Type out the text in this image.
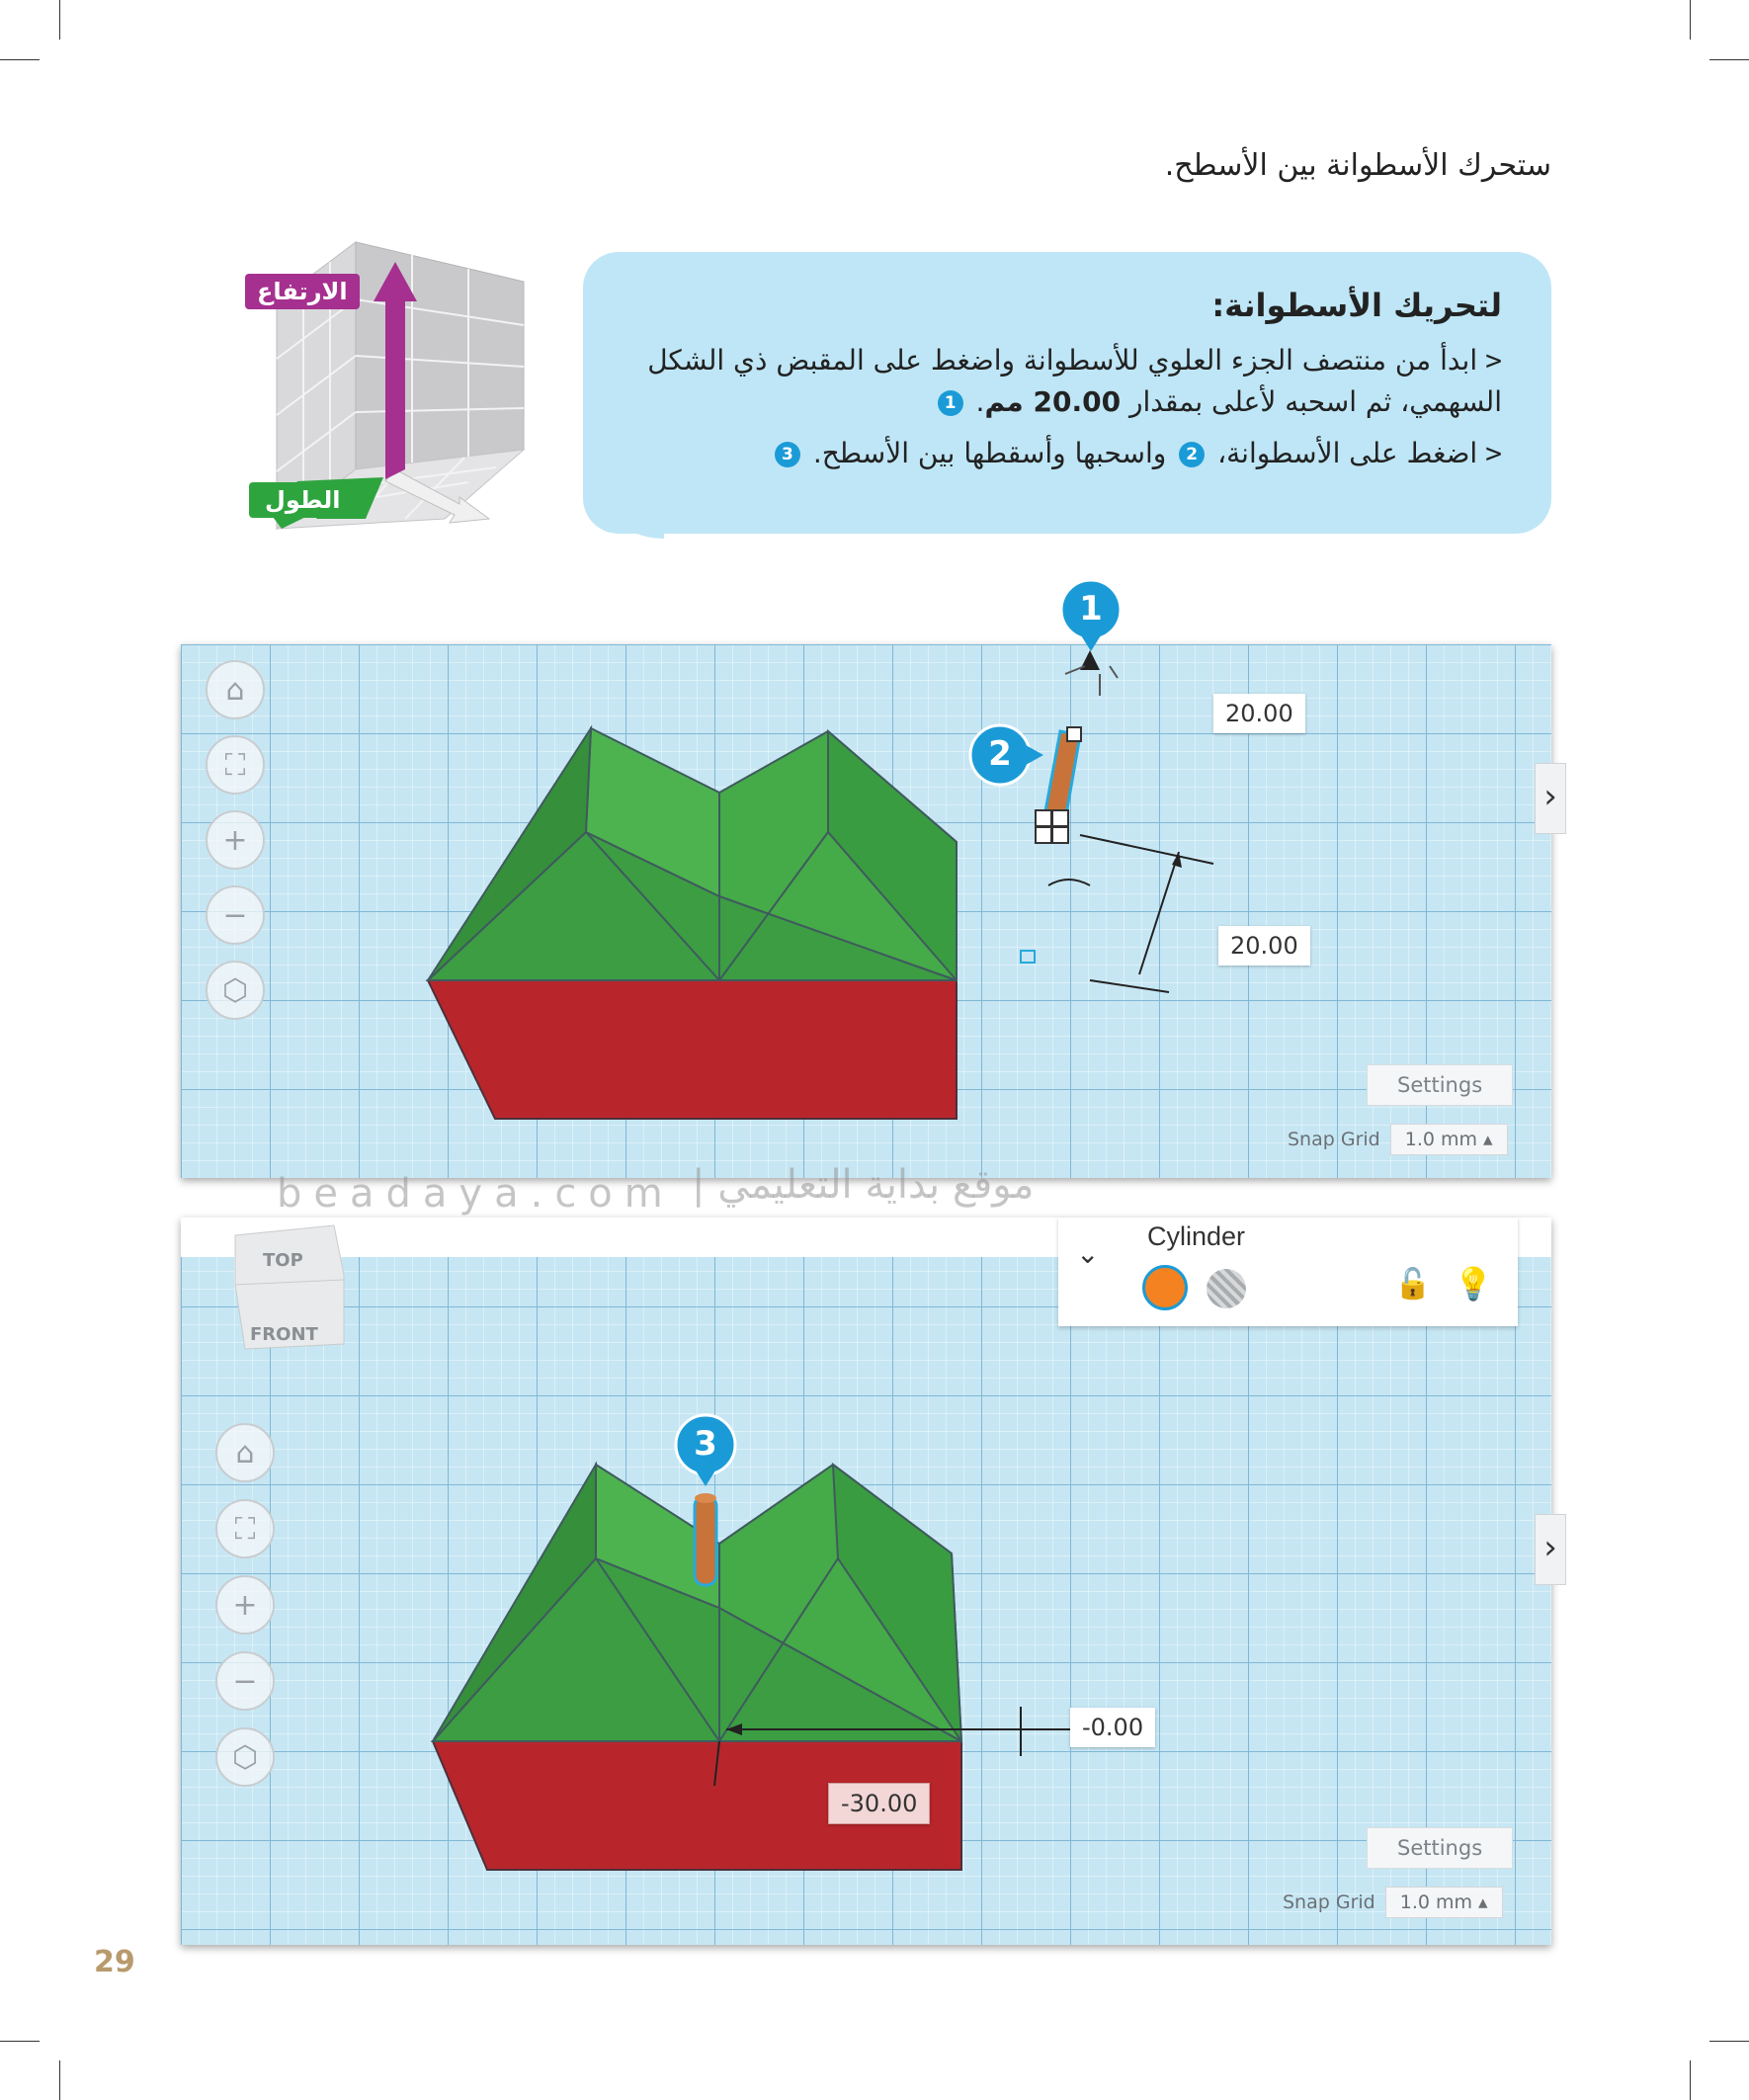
ستحرك الأسطوانة بين الأسطح.
الارتفاع
الطول
لتحريك الأسطوانة:
<ابدأ من منتصف الجزء العلوي للأسطوانة واضغط على المقبض ذي الشكل السهمي، ثم اسحبه لأعلى بمقدار 20.00 مم. 1
<اضغط على الأسطوانة، 2 واسحبها وأسقطها بين الأسطح. 3
⌂
⛶
+
−
⬡
20.00
20.00
›
Settings
Snap Grid 1.0 mm ▴
TOP
FRONT
⌄
Cylinder
🔓 💡
⌂
⛶
+
−
⬡
-0.00
-30.00
›
Settings
Snap Grid 1.0 mm ▴
1
2
3
beadaya.com موقع بداية التعليمي |
29
